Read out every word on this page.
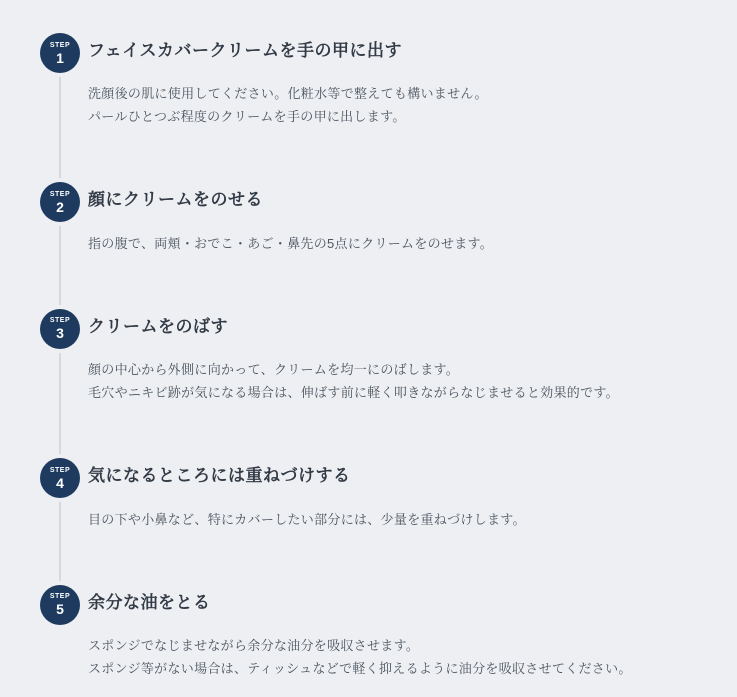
STEP
1 フェイスカバークリームを手の甲に出す

洗顔後の肌に使用してください。化粧水等で整えても構いません。

パールひとつぶ程度のクリームを手の甲に出します。

STEP
2 顔にクリームをのせる

指の腹で、両頬・おでこ・あご・鼻先の5点にクリームをのせます。

STEP
3 クリームをのばす

顔の中心から外側に向かって、クリームを均一にのばします。

毛穴やニキビ跡が気になる場合は、伸ばす前に軽く叩きながらなじませると効果的です。

STEP
4 気になるところには重ねづけする

目の下や小鼻など、特にカバーしたい部分には、少量を重ねづけします。

STEP
5 余分な油をとる

スポンジでなじませながら余分な油分を吸収させます。

スポンジ等がない場合は、ティッシュなどで軽く抑えるように油分を吸収させてください。
